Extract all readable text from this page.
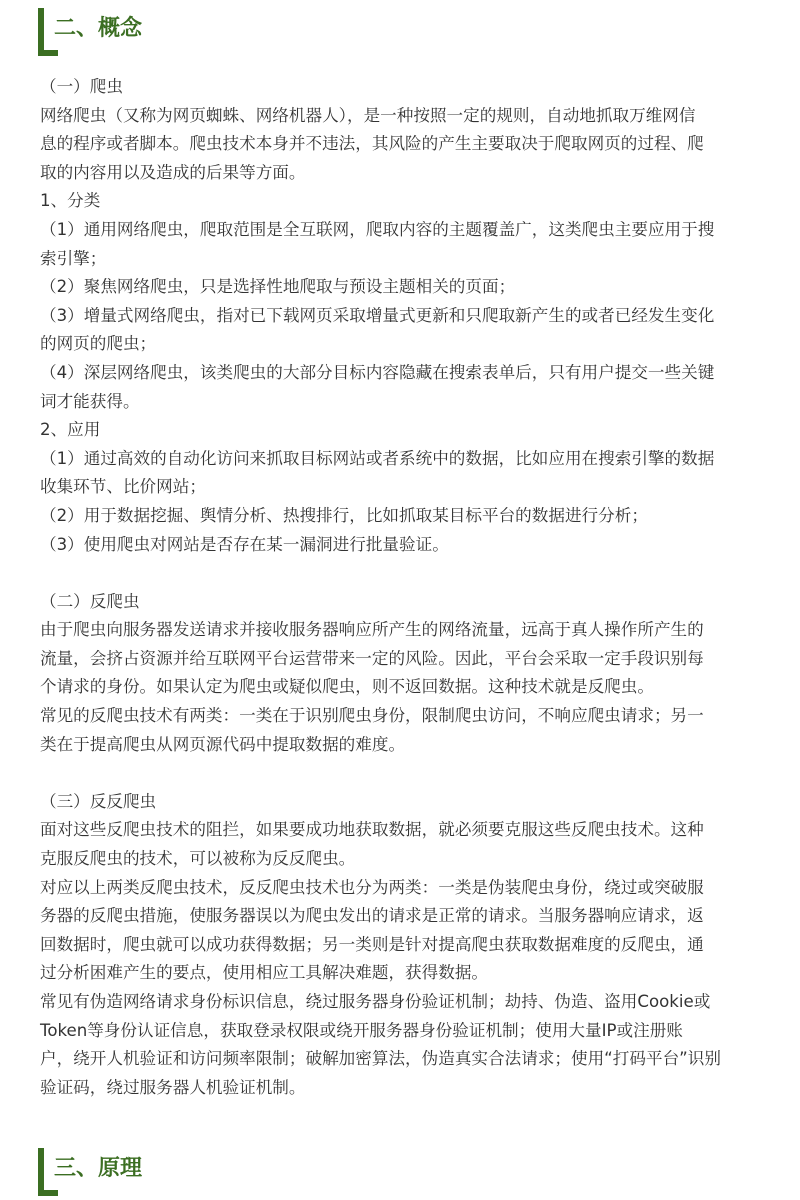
二、概念
（一）爬虫
网络爬虫（又称为网页蜘蛛、网络机器人），是一种按照一定的规则，自动地抓取万维网信
息的程序或者脚本。爬虫技术本身并不违法，其风险的产生主要取决于爬取网页的过程、爬
取的内容用以及造成的后果等方面。
1、分类
（1）通用网络爬虫，爬取范围是全互联网，爬取内容的主题覆盖广，这类爬虫主要应用于搜
索引擎；
（2）聚焦网络爬虫，只是选择性地爬取与预设主题相关的页面；
（3）增量式网络爬虫，指对已下载网页采取增量式更新和只爬取新产生的或者已经发生变化
的网页的爬虫；
（4）深层网络爬虫，该类爬虫的大部分目标内容隐藏在搜索表单后，只有用户提交一些关键
词才能获得。
2、应用
（1）通过高效的自动化访问来抓取目标网站或者系统中的数据，比如应用在搜索引擎的数据
收集环节、比价网站；
（2）用于数据挖掘、舆情分析、热搜排行，比如抓取某目标平台的数据进行分析；
（3）使用爬虫对网站是否存在某一漏洞进行批量验证。
（二）反爬虫
由于爬虫向服务器发送请求并接收服务器响应所产生的网络流量，远高于真人操作所产生的
流量，会挤占资源并给互联网平台运营带来一定的风险。因此，平台会采取一定手段识别每
个请求的身份。如果认定为爬虫或疑似爬虫，则不返回数据。这种技术就是反爬虫。
常见的反爬虫技术有两类：一类在于识别爬虫身份，限制爬虫访问，不响应爬虫请求；另一
类在于提高爬虫从网页源代码中提取数据的难度。
（三）反反爬虫
面对这些反爬虫技术的阻拦，如果要成功地获取数据，就必须要克服这些反爬虫技术。这种
克服反爬虫的技术，可以被称为反反爬虫。
对应以上两类反爬虫技术，反反爬虫技术也分为两类：一类是伪装爬虫身份，绕过或突破服
务器的反爬虫措施，使服务器误以为爬虫发出的请求是正常的请求。当服务器响应请求，返
回数据时，爬虫就可以成功获得数据；另一类则是针对提高爬虫获取数据难度的反爬虫，通
过分析困难产生的要点，使用相应工具解决难题，获得数据。
常见有伪造网络请求身份标识信息，绕过服务器身份验证机制；劫持、伪造、盗用Cookie或
Token等身份认证信息，获取登录权限或绕开服务器身份验证机制；使用大量IP或注册账
户，绕开人机验证和访问频率限制；破解加密算法，伪造真实合法请求；使用“打码平台”识别
验证码，绕过服务器人机验证机制。
三、原理
